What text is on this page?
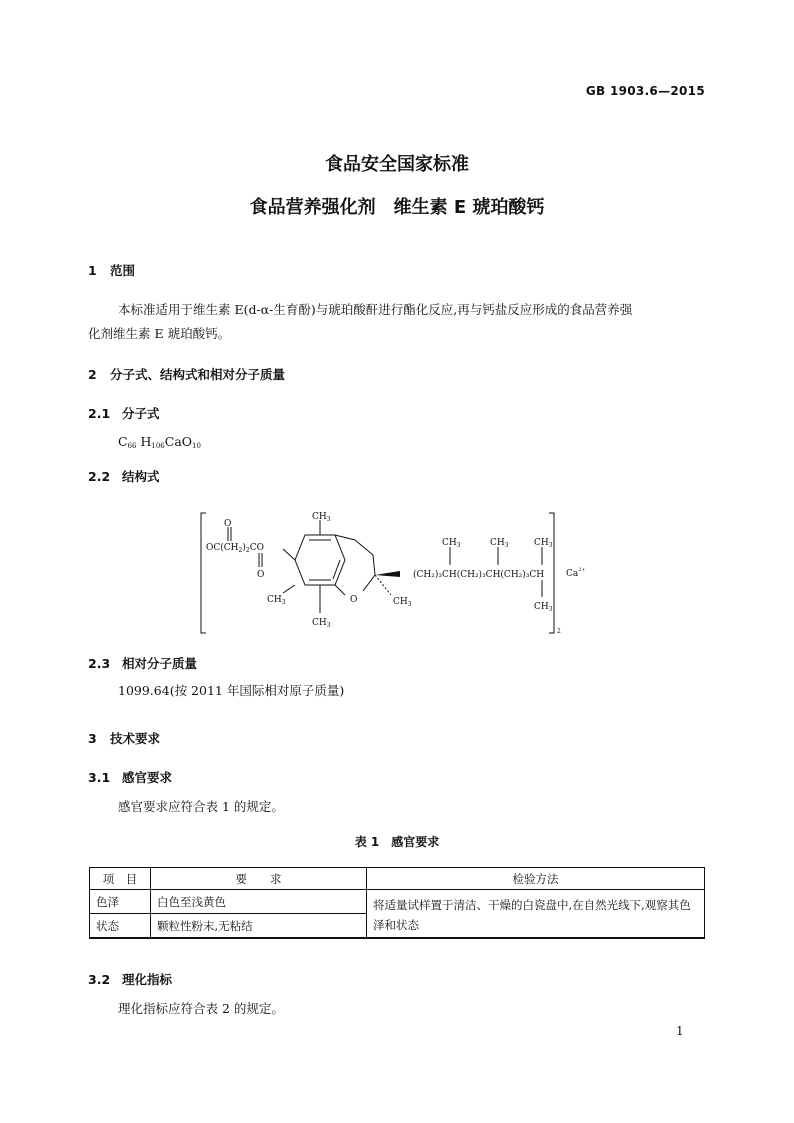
GB 1903.6—2015
食品安全国家标准
食品营养强化剂　维生素 E 琥珀酸钙
1 范围
本标准适用于维生素 E(d-α-生育酚)与琥珀酸酐进行酯化反应,再与钙盐反应形成的食品营养强
化剂维生素 E 琥珀酸钙。
2 分子式、结构式和相对分子质量
2.1 分子式
$C_{66}$ $H_{106}CaO_{10}$
2.2 结构式
O
O
$OC(CH_2)_2CO$
$CH_3$
$CH_3$
$CH_3$
O	$CH_3$
$CH_3$	$CH_3$	$CH_3$
(CH₂)₃CH(CH₂)₃CH(CH₂)₃CH
$CH_3$
$Ca^{2+}$
2
2.3 相对分子质量
1099.64(按 2011 年国际相对原子质量)
3 技术要求
3.1 感官要求
感官要求应符合表 1 的规定。
表 1　感官要求
项　目	要　　求	检验方法
色泽	白色至浅黄色	将适量试样置于清洁、干燥的白瓷盘中,在自然光线下,观察其色泽和状态
状态	颗粒性粉末,无粘结	
3.2 理化指标
理化指标应符合表 2 的规定。
1
